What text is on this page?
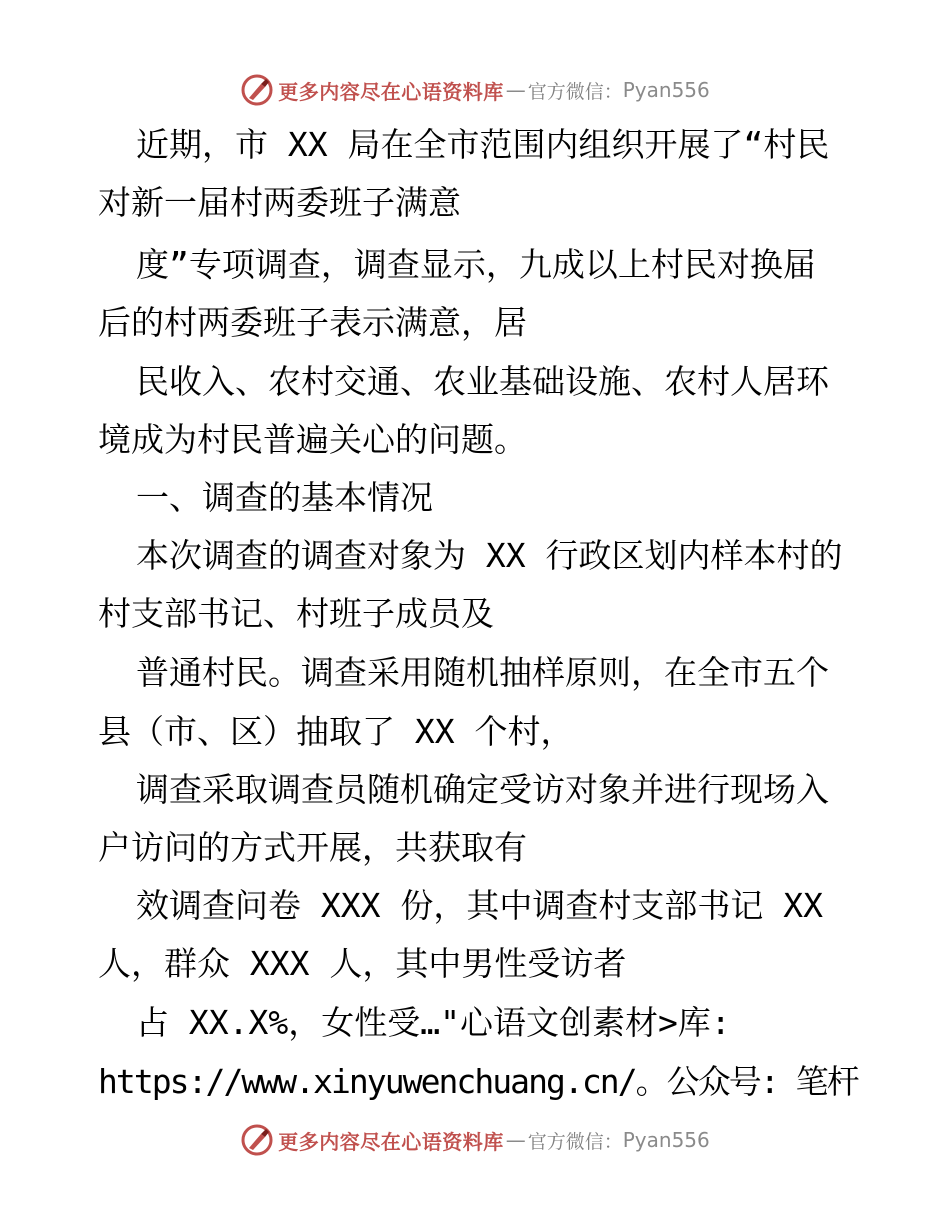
更多内容尽在心语资料库 — 官方微信： Pyan556
近期，市 XX 局在全市范围内组织开展了“村民
对新一届村两委班子满意
度”专项调查，调查显示，九成以上村民对换届
后的村两委班子表示满意，居
民收入、农村交通、农业基础设施、农村人居环
境成为村民普遍关心的问题。
一、调查的基本情况
本次调查的调查对象为 XX 行政区划内样本村的
村支部书记、村班子成员及
普通村民。调查采用随机抽样原则，在全市五个
县（市、区）抽取了 XX 个村，
调查采取调查员随机确定受访对象并进行现场入
户访问的方式开展，共获取有
效调查问卷 XXX 份，其中调查村支部书记 XX
人，群众 XXX 人，其中男性受访者
占 XX.X%，女性受…"心语文创素材>库:
https://www.xinyuwenchuang.cn/。公众号: 笔杆
更多内容尽在心语资料库 — 官方微信： Pyan556
